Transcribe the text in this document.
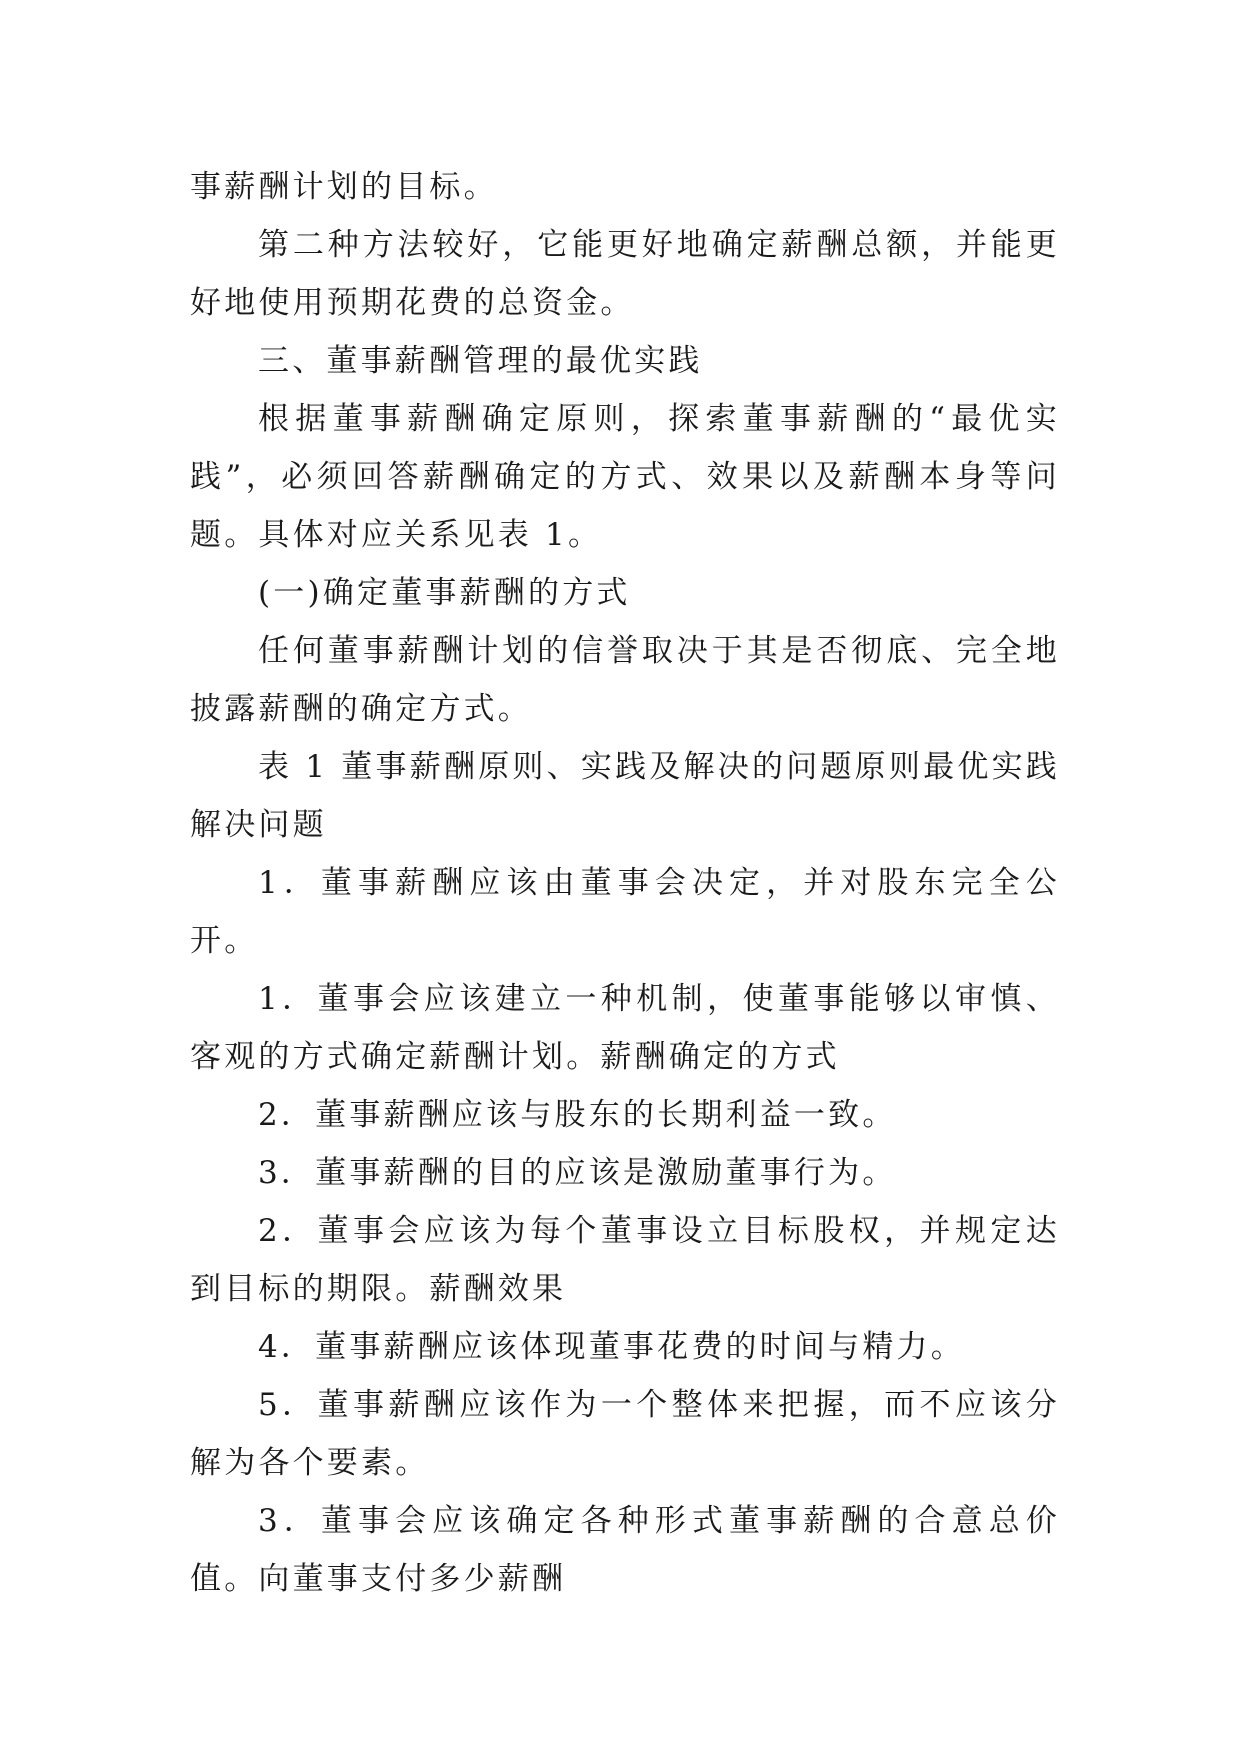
事薪酬计划的目标。

第二种方法较好，它能更好地确定薪酬总额，并能更好地使用预期花费的总资金。

三、董事薪酬管理的最优实践

根据董事薪酬确定原则，探索董事薪酬的“最优实践”，必须回答薪酬确定的方式、效果以及薪酬本身等问题。具体对应关系见表 1。

(一)确定董事薪酬的方式

任何董事薪酬计划的信誉取决于其是否彻底、完全地披露薪酬的确定方式。

表 1 董事薪酬原则、实践及解决的问题原则最优实践解决问题

1．董事薪酬应该由董事会决定，并对股东完全公开。

1．董事会应该建立一种机制，使董事能够以审慎、客观的方式确定薪酬计划。薪酬确定的方式

2．董事薪酬应该与股东的长期利益一致。

3．董事薪酬的目的应该是激励董事行为。

2．董事会应该为每个董事设立目标股权，并规定达到目标的期限。薪酬效果

4．董事薪酬应该体现董事花费的时间与精力。

5．董事薪酬应该作为一个整体来把握，而不应该分解为各个要素。

3．董事会应该确定各种形式董事薪酬的合意总价值。向董事支付多少薪酬
